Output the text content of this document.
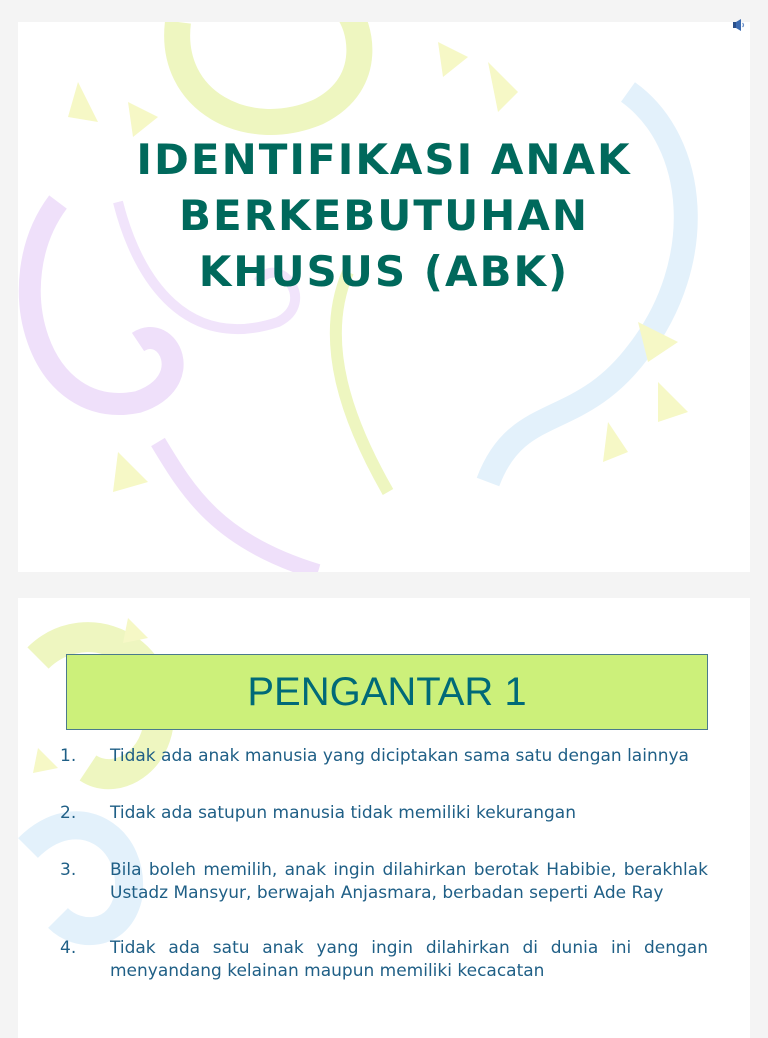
IDENTIFIKASI ANAK
BERKEBUTUHAN
KHUSUS (ABK)
PENGANTAR 1
1.	Tidak ada anak manusia yang diciptakan sama satu dengan lainnya
2.	Tidak ada satupun manusia tidak memiliki kekurangan
3.	Bila boleh memilih, anak ingin dilahirkan berotak Habibie, berakhlak Ustadz Mansyur, berwajah Anjasmara, berbadan seperti Ade Ray
4.	Tidak ada satu anak yang ingin dilahirkan di dunia ini dengan menyandang kelainan maupun memiliki kecacatan
